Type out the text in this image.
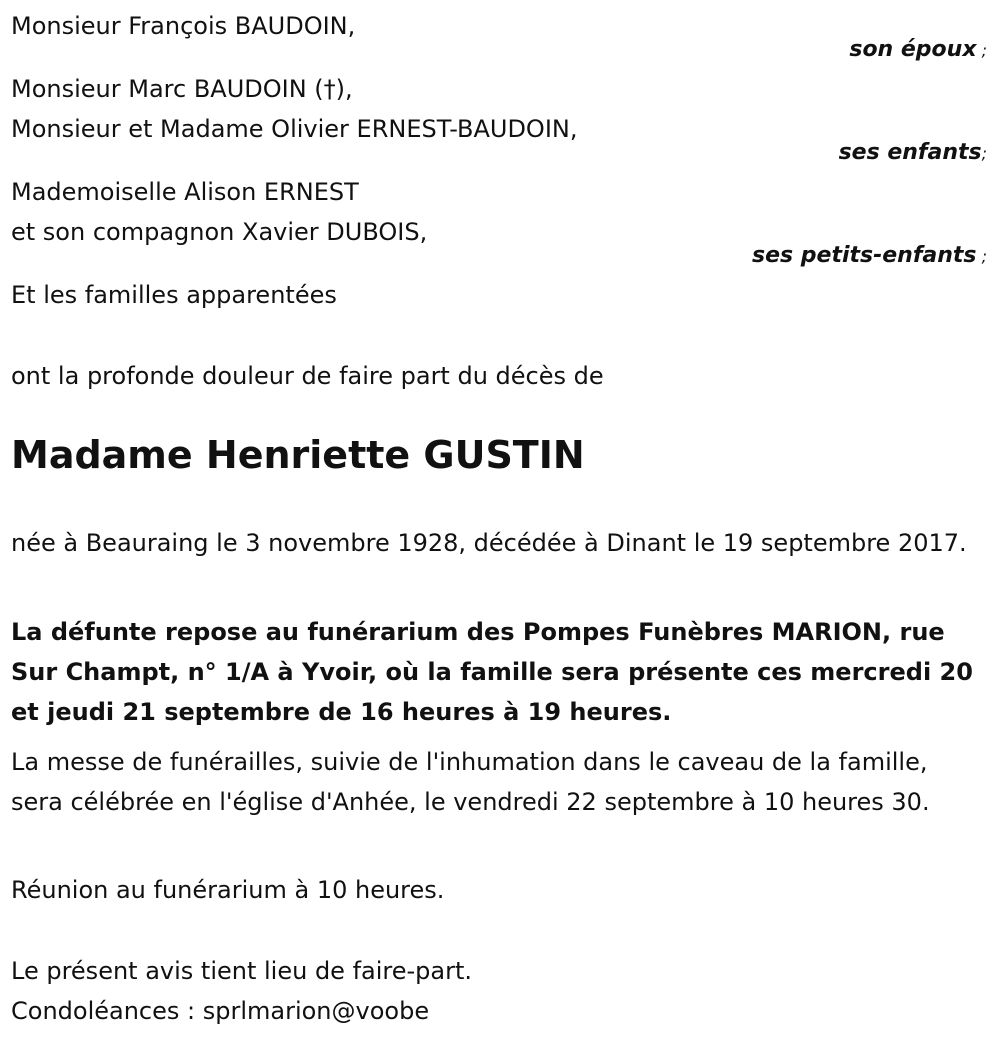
Monsieur François BAUDOIN,
son époux ;
Monsieur Marc BAUDOIN (†),
Monsieur et Madame Olivier ERNEST-BAUDOIN,
ses enfants;
Mademoiselle Alison ERNEST
et son compagnon Xavier DUBOIS,
ses petits-enfants ;
Et les familles apparentées
ont la profonde douleur de faire part du décès de
Madame Henriette GUSTIN
née à Beauraing le 3 novembre 1928, décédée à Dinant le 19 septembre 2017.
La défunte repose au funérarium des Pompes Funèbres MARION, rue Sur Champt, n° 1/A à Yvoir, où la famille sera présente ces mercredi 20 et jeudi 21 septembre de 16 heures à 19 heures.
La messe de funérailles, suivie de l'inhumation dans le caveau de la famille, sera célébrée en l'église d'Anhée, le vendredi 22 septembre à 10 heures 30.
Réunion au funérarium à 10 heures.
Le présent avis tient lieu de faire-part.
Condoléances : sprlmarion@voobe
